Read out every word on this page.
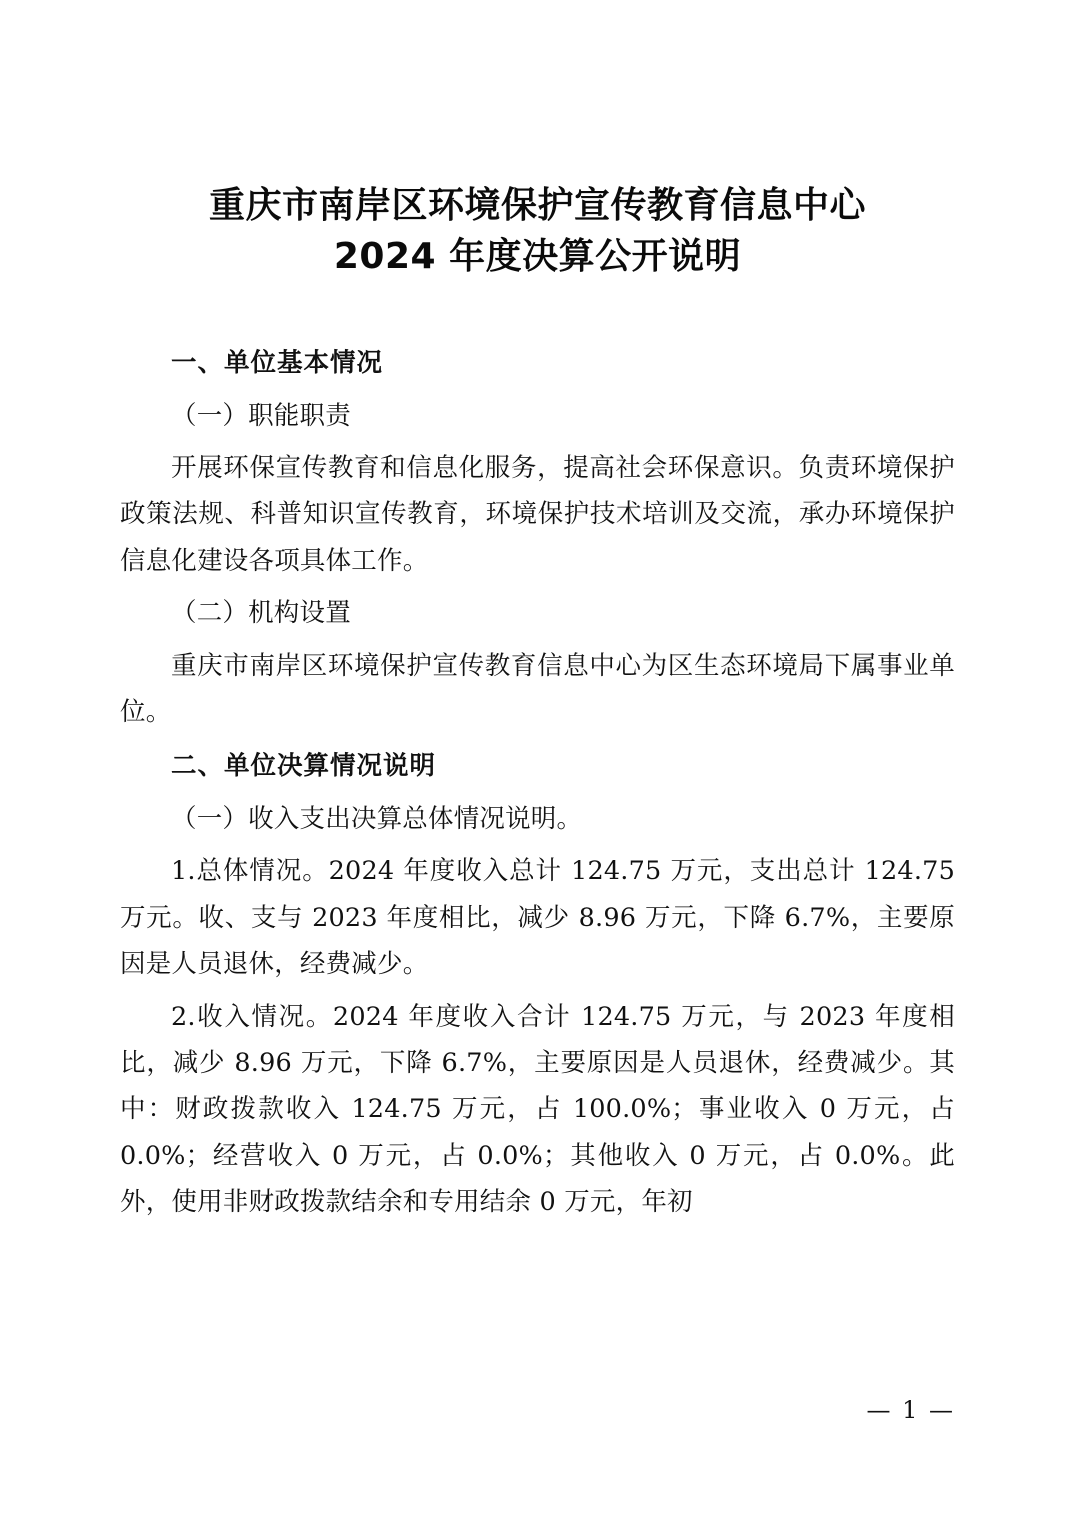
重庆市南岸区环境保护宣传教育信息中心
2024 年度决算公开说明

一、单位基本情况

（一）职能职责

开展环保宣传教育和信息化服务，提高社会环保意识。负责环境保护政策法规、科普知识宣传教育，环境保护技术培训及交流，承办环境保护信息化建设各项具体工作。

（二）机构设置

重庆市南岸区环境保护宣传教育信息中心为区生态环境局下属事业单位。

二、单位决算情况说明

（一）收入支出决算总体情况说明。

1.总体情况。2024 年度收入总计 124.75 万元，支出总计 124.75 万元。收、支与 2023 年度相比，减少 8.96 万元，下降 6.7%，主要原因是人员退休，经费减少。

2.收入情况。2024 年度收入合计 124.75 万元，与 2023 年度相比，减少 8.96 万元，下降 6.7%，主要原因是人员退休，经费减少。其中：财政拨款收入 124.75 万元，占 100.0%；事业收入 0 万元，占 0.0%；经营收入 0 万元，占 0.0%；其他收入 0 万元，占 0.0%。此外，使用非财政拨款结余和专用结余 0 万元，年初

— 1 —
